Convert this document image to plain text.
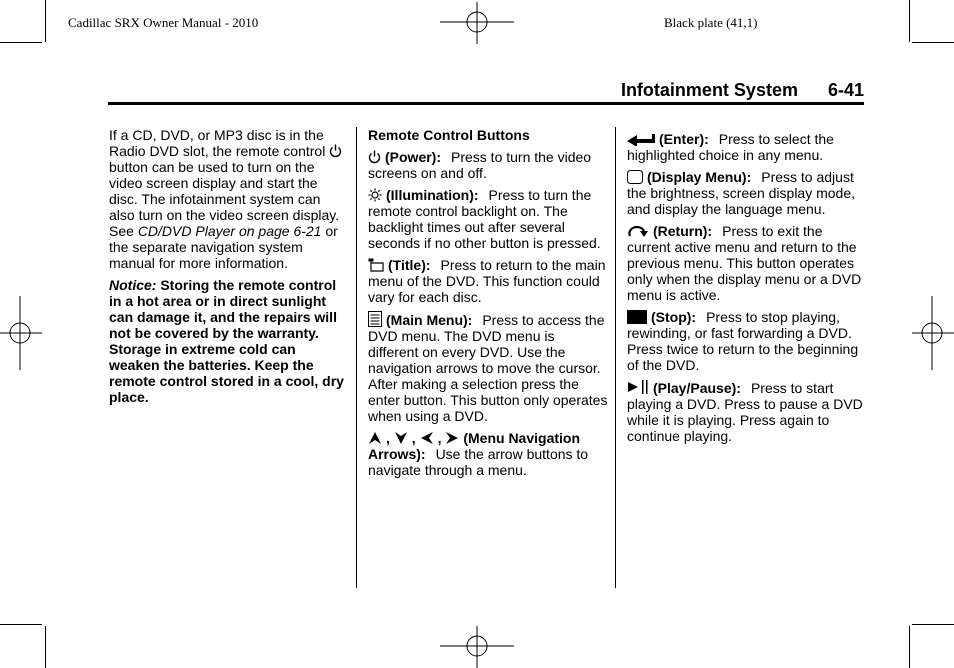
Cadillac SRX Owner Manual - 2010	Black plate (41,1)
Infotainment System 6-41

If a CD, DVD, or MP3 disc is in the Radio DVD slot, the remote control button can be used to turn on the video screen display and start the disc. The infotainment system can also turn on the video screen display. See CD/DVD Player on page 6-21 or the separate navigation system manual for more information.

Notice: Storing the remote control in a hot area or in direct sunlight can damage it, and the repairs will not be covered by the warranty. Storage in extreme cold can weaken the batteries. Keep the remote control stored in a cool, dry place.

Remote Control Buttons

(Power): Press to turn the video screens on and off.

(Illumination): Press to turn the remote control backlight on. The backlight times out after several seconds if no other button is pressed.

(Title): Press to return to the main menu of the DVD. This function could vary for each disc.

(Main Menu): Press to access the DVD menu. The DVD menu is different on every DVD. Use the navigation arrows to move the cursor. After making a selection press the enter button. This button only operates when using a DVD.

, , , (Menu Navigation Arrows): Use the arrow buttons to navigate through a menu.

(Enter): Press to select the highlighted choice in any menu.

(Display Menu): Press to adjust the brightness, screen display mode, and display the language menu.

(Return): Press to exit the current active menu and return to the previous menu. This button operates only when the display menu or a DVD menu is active.

(Stop): Press to stop playing, rewinding, or fast forwarding a DVD. Press twice to return to the beginning of the DVD.

(Play/Pause): Press to start playing a DVD. Press to pause a DVD while it is playing. Press again to continue playing.
